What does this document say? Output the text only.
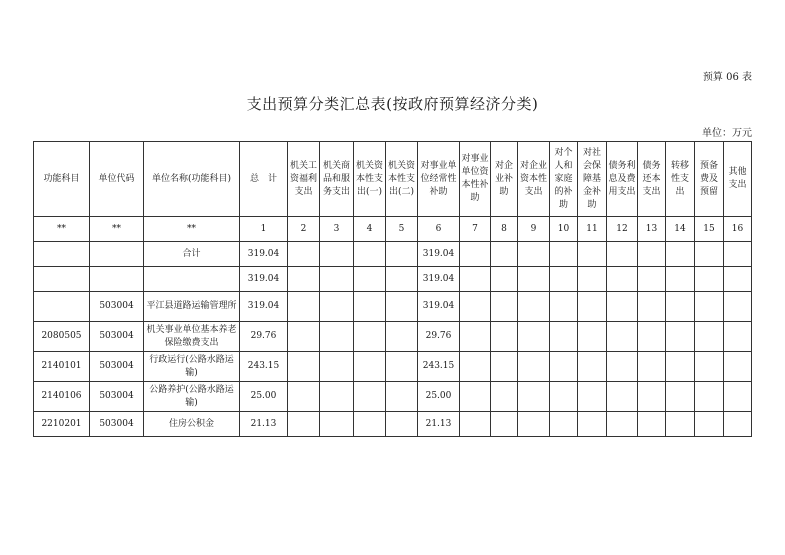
预算 06 表
支出预算分类汇总表(按政府预算经济分类)
单位：万元
功能科目	单位代码	单位名称(功能科目)	总　计	机关工资福利支出	机关商品和服务支出	机关资本性支出(一)	机关资本性支出(二)	对事业单位经常性补助	对事业单位资本性补助	对企业补助	对企业资本性支出	对个人和家庭的补助	对社会保障基金补助	债务利息及费用支出	债务还本支出	转移性支出	预备费及预留	其他支出
**	**	**	1	2	3	4	5	6	7	8	9	10	11	12	13	14	15	16
		合计	319.04					319.04										
			319.04					319.04										
	503004	平江县道路运输管理所	319.04					319.04										
2080505	503004	机关事业单位基本养老保险缴费支出	29.76					29.76										
2140101	503004	行政运行(公路水路运输)	243.15					243.15										
2140106	503004	公路养护(公路水路运输)	25.00					25.00										
2210201	503004	住房公积金	21.13					21.13										
